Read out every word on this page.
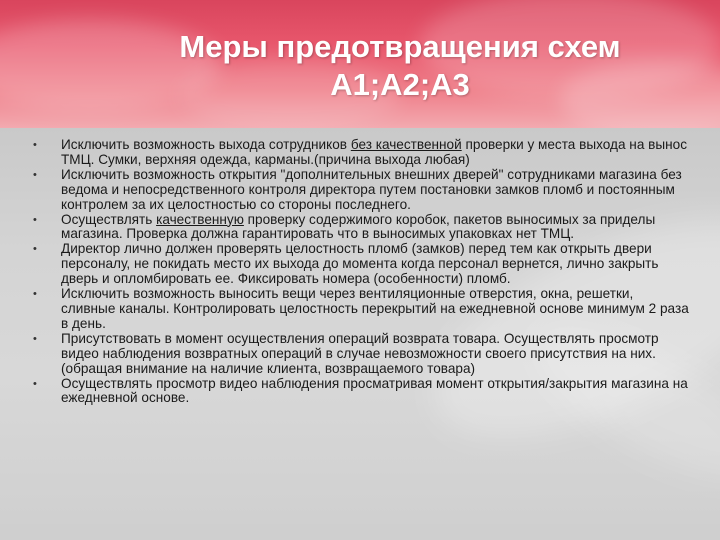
Меры предотвращения схем
А1;А2;А3
• Исключить возможность выхода сотрудников без качественной проверки у места выхода на вынос ТМЦ. Сумки, верхняя одежда, карманы.(причина выхода любая)
• Исключить возможность открытия "дополнительных внешних дверей" сотрудниками магазина без ведома и непосредственного контроля директора путем постановки замков пломб и постоянным контролем за их целостностью со стороны последнего.
• Осуществлять качественную проверку содержимого коробок, пакетов выносимых за приделы магазина. Проверка должна гарантировать что в выносимых упаковках нет ТМЦ.
• Директор лично должен проверять целостность пломб (замков) перед тем как открыть двери персоналу, не покидать место их выхода до момента когда персонал вернется, лично закрыть дверь и опломбировать ее. Фиксировать номера (особенности) пломб.
• Исключить возможность выносить вещи через вентиляционные отверстия, окна, решетки, сливные каналы. Контролировать целостность перекрытий на ежедневной основе минимум 2 раза в день.
• Присутствовать в момент осуществления операций возврата товара. Осуществлять просмотр видео наблюдения возвратных операций в случае невозможности своего присутствия на них. (обращая внимание на наличие клиента, возвращаемого товара)
• Осуществлять просмотр видео наблюдения просматривая момент открытия/закрытия магазина на ежедневной основе.
